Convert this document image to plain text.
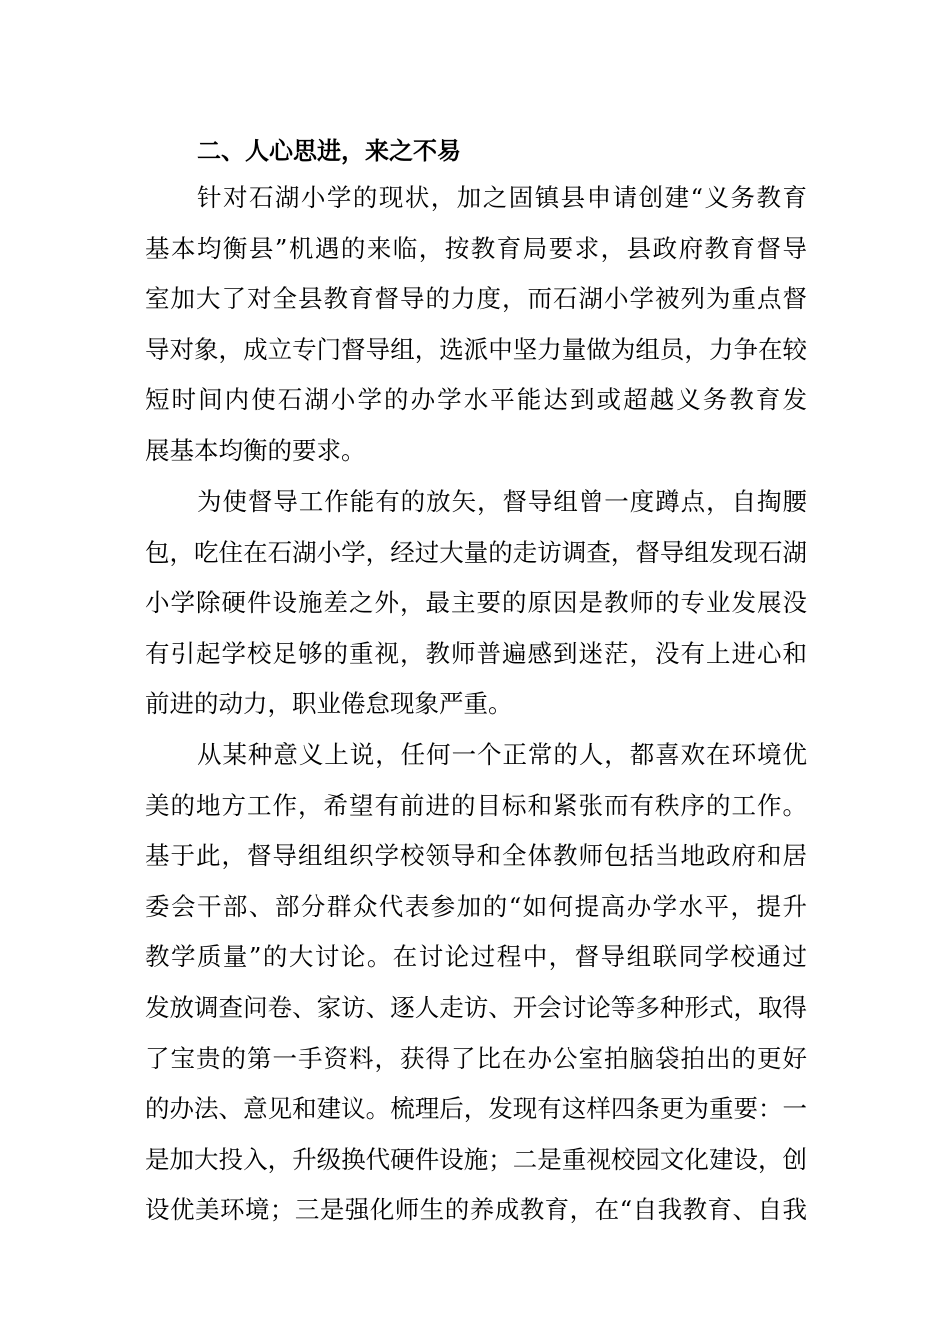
二、人心思进，来之不易
针对石湖小学的现状，加之固镇县申请创建“义务教育
基本均衡县”机遇的来临，按教育局要求，县政府教育督导
室加大了对全县教育督导的力度，而石湖小学被列为重点督
导对象，成立专门督导组，选派中坚力量做为组员，力争在较
短时间内使石湖小学的办学水平能达到或超越义务教育发
展基本均衡的要求。
为使督导工作能有的放矢，督导组曾一度蹲点，自掏腰
包，吃住在石湖小学，经过大量的走访调查，督导组发现石湖
小学除硬件设施差之外，最主要的原因是教师的专业发展没
有引起学校足够的重视，教师普遍感到迷茫，没有上进心和
前进的动力，职业倦怠现象严重。
从某种意义上说，任何一个正常的人，都喜欢在环境优
美的地方工作，希望有前进的目标和紧张而有秩序的工作。
基于此，督导组组织学校领导和全体教师包括当地政府和居
委会干部、部分群众代表参加的“如何提高办学水平，提升
教学质量”的大讨论。在讨论过程中，督导组联同学校通过
发放调查问卷、家访、逐人走访、开会讨论等多种形式，取得
了宝贵的第一手资料，获得了比在办公室拍脑袋拍出的更好
的办法、意见和建议。梳理后，发现有这样四条更为重要：一
是加大投入，升级换代硬件设施；二是重视校园文化建设，创
设优美环境；三是强化师生的养成教育，在“自我教育、自我
